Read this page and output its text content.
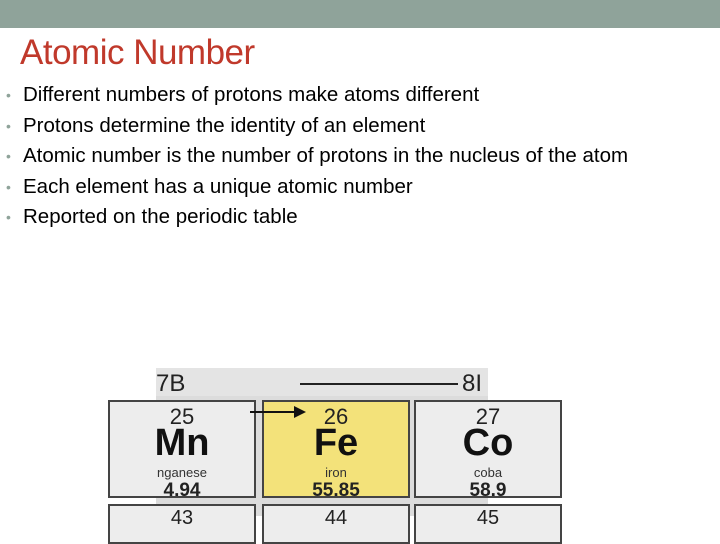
Atomic Number
• Different numbers of protons make atoms different
• Protons determine the identity of an element
• Atomic number is the number of protons in the nucleus of the atom
• Each element has a unique atomic number
• Reported on the periodic table
7B	8I
25
Mn
nganese
4.94
26
Fe
iron
55.85
27
Co
coba
58.9
43	44	45
